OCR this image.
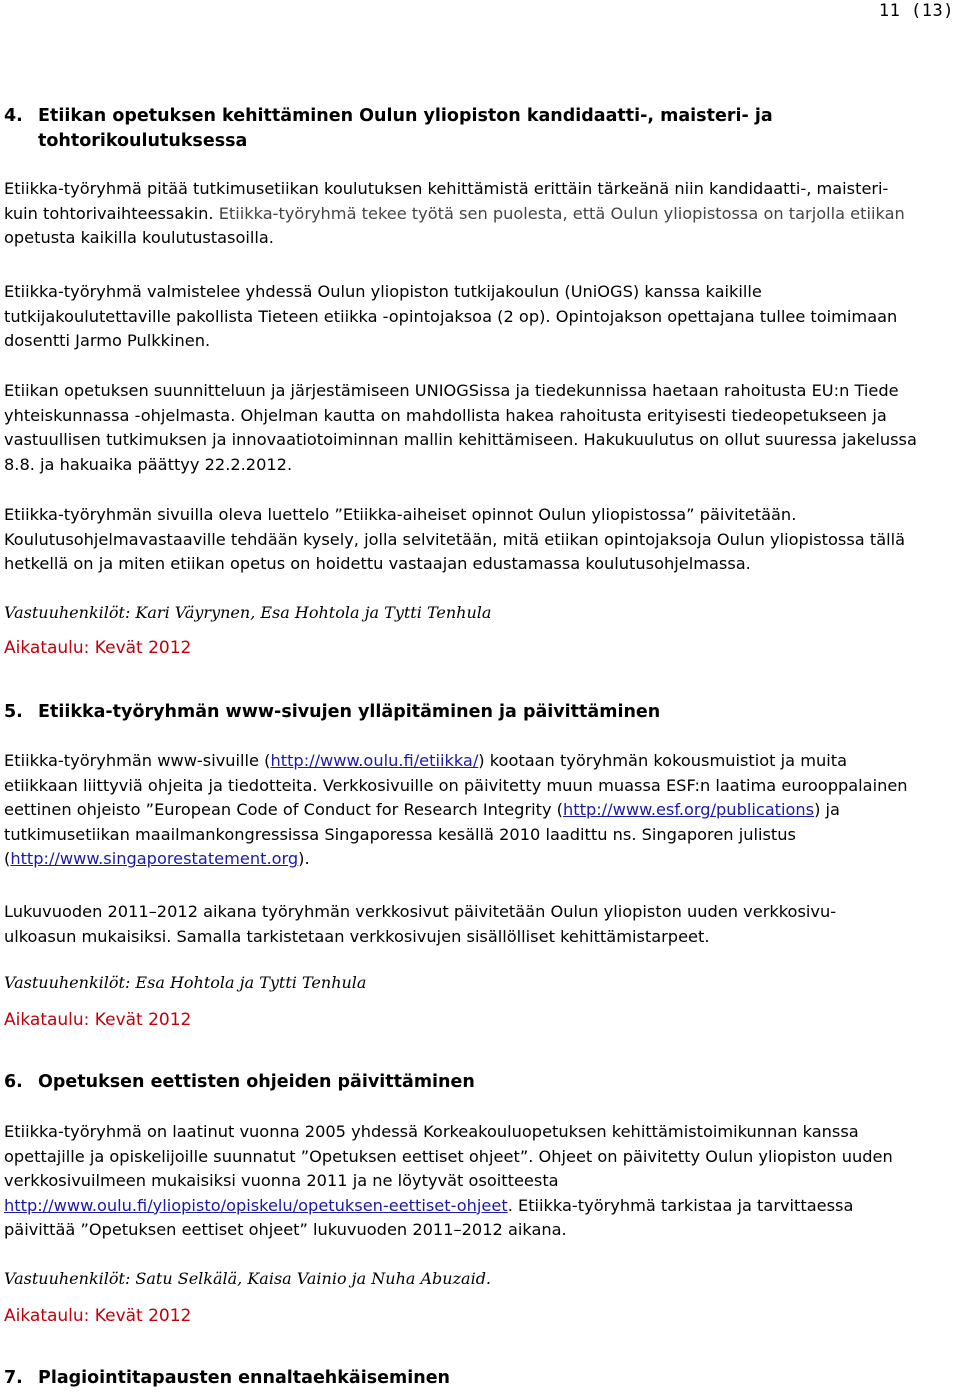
11 (13)
4. Etiikan opetuksen kehittäminen Oulun yliopiston kandidaatti-, maisteri- ja
tohtorikoulutuksessa

Etiikka-työryhmä pitää tutkimusetiikan koulutuksen kehittämistä erittäin tärkeänä niin kandidaatti-, maisteri-
kuin tohtorivaihteessakin. Etiikka-työryhmä tekee työtä sen puolesta, että Oulun yliopistossa on tarjolla etiikan
opetusta kaikilla koulutustasoilla.

Etiikka-työryhmä valmistelee yhdessä Oulun yliopiston tutkijakoulun (UniOGS) kanssa kaikille
tutkijakoulutettaville pakollista Tieteen etiikka -opintojaksoa (2 op). Opintojakson opettajana tullee toimimaan
dosentti Jarmo Pulkkinen.

Etiikan opetuksen suunnitteluun ja järjestämiseen UNIOGSissa ja tiedekunnissa haetaan rahoitusta EU:n Tiede
yhteiskunnassa -ohjelmasta. Ohjelman kautta on mahdollista hakea rahoitusta erityisesti tiedeopetukseen ja
vastuullisen tutkimuksen ja innovaatiotoiminnan mallin kehittämiseen. Hakukuulutus on ollut suuressa jakelussa
8.8. ja hakuaika päättyy 22.2.2012.

Etiikka-työryhmän sivuilla oleva luettelo ”Etiikka-aiheiset opinnot Oulun yliopistossa” päivitetään.
Koulutusohjelmavastaaville tehdään kysely, jolla selvitetään, mitä etiikan opintojaksoja Oulun yliopistossa tällä
hetkellä on ja miten etiikan opetus on hoidettu vastaajan edustamassa koulutusohjelmassa.

Vastuuhenkilöt: Kari Väyrynen, Esa Hohtola ja Tytti Tenhula

Aikataulu: Kevät 2012

5. Etiikka-työryhmän www-sivujen ylläpitäminen ja päivittäminen

Etiikka-työryhmän www-sivuille (http://www.oulu.fi/etiikka/) kootaan työryhmän kokousmuistiot ja muita
etiikkaan liittyviä ohjeita ja tiedotteita. Verkkosivuille on päivitetty muun muassa ESF:n laatima eurooppalainen
eettinen ohjeisto ”European Code of Conduct for Research Integrity (http://www.esf.org/publications) ja
tutkimusetiikan maailmankongressissa Singaporessa kesällä 2010 laadittu ns. Singaporen julistus
(http://www.singaporestatement.org).

Lukuvuoden 2011–2012 aikana työryhmän verkkosivut päivitetään Oulun yliopiston uuden verkkosivu-
ulkoasun mukaisiksi. Samalla tarkistetaan verkkosivujen sisällölliset kehittämistarpeet.

Vastuuhenkilöt: Esa Hohtola ja Tytti Tenhula

Aikataulu: Kevät 2012

6. Opetuksen eettisten ohjeiden päivittäminen

Etiikka-työryhmä on laatinut vuonna 2005 yhdessä Korkeakouluopetuksen kehittämistoimikunnan kanssa
opettajille ja opiskelijoille suunnatut ”Opetuksen eettiset ohjeet”. Ohjeet on päivitetty Oulun yliopiston uuden
verkkosivuilmeen mukaisiksi vuonna 2011 ja ne löytyvät osoitteesta
http://www.oulu.fi/yliopisto/opiskelu/opetuksen-eettiset-ohjeet. Etiikka-työryhmä tarkistaa ja tarvittaessa
päivittää ”Opetuksen eettiset ohjeet” lukuvuoden 2011–2012 aikana.

Vastuuhenkilöt: Satu Selkälä, Kaisa Vainio ja Nuha Abuzaid.

Aikataulu: Kevät 2012

7. Plagiointitapausten ennaltaehkäiseminen
